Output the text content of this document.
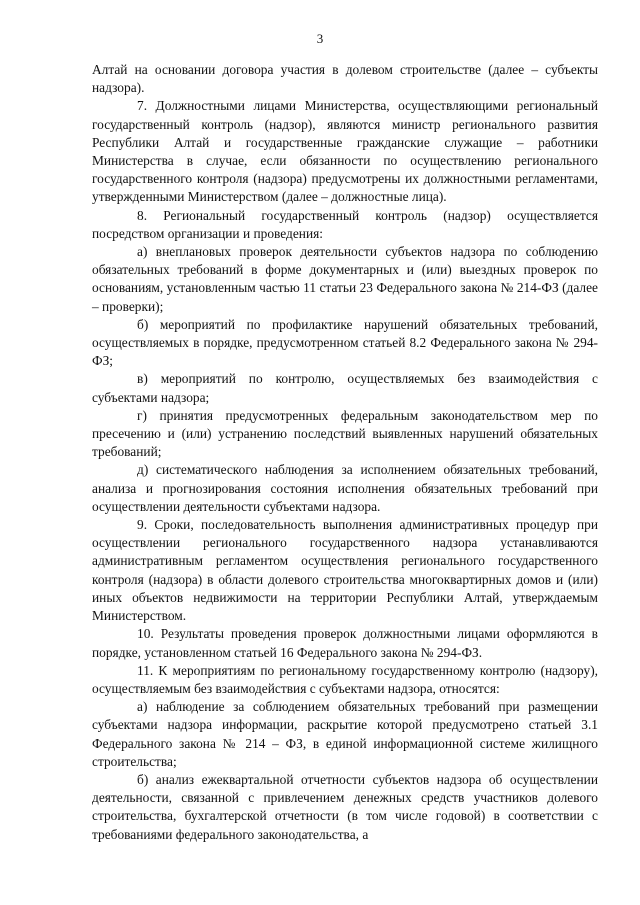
3

Алтай на основании договора участия в долевом строительстве (далее – субъекты надзора).

7. Должностными лицами Министерства, осуществляющими региональный государственный контроль (надзор), являются министр регионального развития Республики Алтай и государственные гражданские служащие – работники Министерства в случае, если обязанности по осуществлению регионального государственного контроля (надзора) предусмотрены их должностными регламентами, утвержденными Министерством (далее – должностные лица).

8. Региональный государственный контроль (надзор) осуществляется посредством организации и проведения:

а) внеплановых проверок деятельности субъектов надзора по соблюдению обязательных требований в форме документарных и (или) выездных проверок по основаниям, установленным частью 11 статьи 23 Федерального закона № 214-ФЗ (далее – проверки);

б) мероприятий по профилактике нарушений обязательных требований, осуществляемых в порядке, предусмотренном статьей 8.2 Федерального закона № 294-ФЗ;

в) мероприятий по контролю, осуществляемых без взаимодействия с субъектами надзора;

г) принятия предусмотренных федеральным законодательством мер по пресечению и (или) устранению последствий выявленных нарушений обязательных требований;

д) систематического наблюдения за исполнением обязательных требований, анализа и прогнозирования состояния исполнения обязательных требований при осуществлении деятельности субъектами надзора.

9. Сроки, последовательность выполнения административных процедур при осуществлении регионального государственного надзора устанавливаются административным регламентом осуществления регионального государственного контроля (надзора) в области долевого строительства многоквартирных домов и (или) иных объектов недвижимости на территории Республики Алтай, утверждаемым Министерством.

10. Результаты проведения проверок должностными лицами оформляются в порядке, установленном статьей 16 Федерального закона № 294-ФЗ.

11. К мероприятиям по региональному государственному контролю (надзору), осуществляемым без взаимодействия с субъектами надзора, относятся:

а) наблюдение за соблюдением обязательных требований при размещении субъектами надзора информации, раскрытие которой предусмотрено статьей 3.1 Федерального закона № 214 – ФЗ, в единой информационной системе жилищного строительства;

б) анализ ежеквартальной отчетности субъектов надзора об осуществлении деятельности, связанной с привлечением денежных средств участников долевого строительства, бухгалтерской отчетности (в том числе годовой) в соответствии с требованиями федерального законодательства, а
